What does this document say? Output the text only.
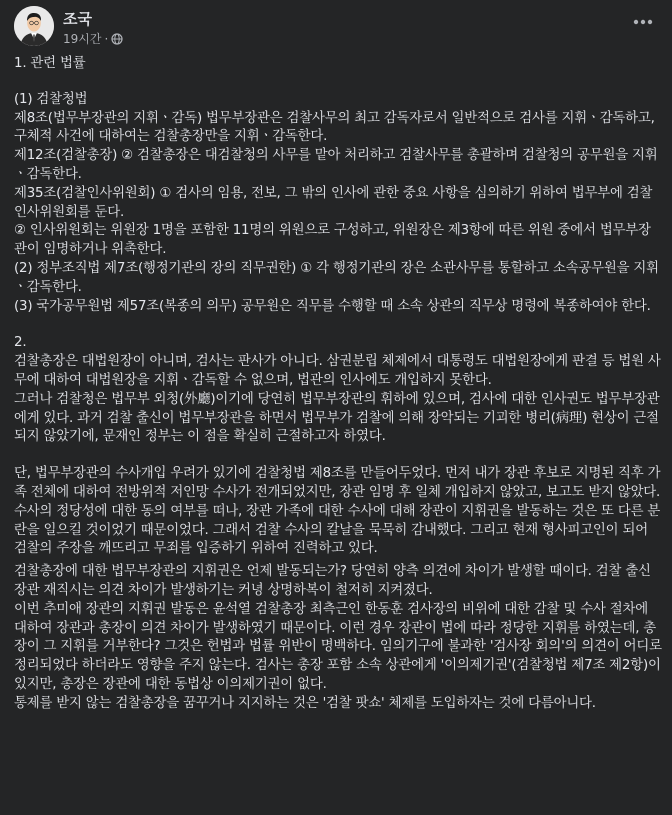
조국
19시간 ·

1. 관련 법률

(1) 검찰청법

제8조(법무부장관의 지휘ㆍ감독) 법무부장관은 검찰사무의 최고 감독자로서 일반적으로 검사를 지휘ㆍ감독하고, 구체적 사건에 대하여는 검찰총장만을 지휘ㆍ감독한다.

제12조(검찰총장) ② 검찰총장은 대검찰청의 사무를 맡아 처리하고 검찰사무를 총괄하며 검찰청의 공무원을 지휘ㆍ감독한다.

제35조(검찰인사위원회) ① 검사의 임용, 전보, 그 밖의 인사에 관한 중요 사항을 심의하기 위하여 법무부에 검찰인사위원회를 둔다.

② 인사위원회는 위원장 1명을 포함한 11명의 위원으로 구성하고, 위원장은 제3항에 따른 위원 중에서 법무부장관이 임명하거나 위촉한다.

(2) 정부조직법 제7조(행정기관의 장의 직무권한) ① 각 행정기관의 장은 소관사무를 통할하고 소속공무원을 지휘ㆍ감독한다.

(3) 국가공무원법 제57조(복종의 의무) 공무원은 직무를 수행할 때 소속 상관의 직무상 명령에 복종하여야 한다.

2.

검찰총장은 대법원장이 아니며, 검사는 판사가 아니다. 삼권분립 체제에서 대통령도 대법원장에게 판결 등 법원 사무에 대하여 대법원장을 지휘ㆍ감독할 수 없으며, 법관의 인사에도 개입하지 못한다.

그러나 검찰청은 법무부 외청(外廳)이기에 당연히 법무부장관의 휘하에 있으며, 검사에 대한 인사권도 법무부장관에게 있다. 과거 검찰 출신이 법무부장관을 하면서 법무부가 검찰에 의해 장악되는 기괴한 병리(病理) 현상이 근절되지 않았기에, 문재인 정부는 이 점을 확실히 근절하고자 하였다.

단, 법무부장관의 수사개입 우려가 있기에 검찰청법 제8조를 만들어두었다. 먼저 내가 장관 후보로 지명된 직후 가족 전체에 대하여 전방위적 저인망 수사가 전개되었지만, 장관 임명 후 일체 개입하지 않았고, 보고도 받지 않았다. 수사의 정당성에 대한 동의 여부를 떠나, 장관 가족에 대한 수사에 대해 장관이 지휘권을 발동하는 것은 또 다른 분란을 일으킬 것이었기 때문이었다. 그래서 검찰 수사의 칼날을 묵묵히 감내했다. 그리고 현재 형사피고인이 되어 검찰의 주장을 깨뜨리고 무죄를 입증하기 위하여 진력하고 있다.

검찰총장에 대한 법무부장관의 지휘권은 언제 발동되는가? 당연히 양측 의견에 차이가 발생할 때이다. 검찰 출신 장관 재직시는 의견 차이가 발생하기는 커녕 상명하복이 철저히 지켜졌다.

이번 추미애 장관의 지휘권 발동은 윤석열 검찰총장 최측근인 한동훈 검사장의 비위에 대한 감찰 및 수사 절차에 대하여 장관과 총장이 의견 차이가 발생하였기 때문이다. 이런 경우 장관이 법에 따라 정당한 지휘를 하였는데, 총장이 그 지휘를 거부한다? 그것은 헌법과 법률 위반이 명백하다. 임의기구에 불과한 '검사장 회의'의 의견이 어디로 정리되었다 하더라도 영향을 주지 않는다. 검사는 총장 포함 소속 상관에게 '이의제기권'(검찰청법 제7조 제2항)이 있지만, 총장은 장관에 대한 동법상 이의제기권이 없다.

통제를 받지 않는 검찰총장을 꿈꾸거나 지지하는 것은 '검찰 팟쇼' 체제를 도입하자는 것에 다름아니다.
